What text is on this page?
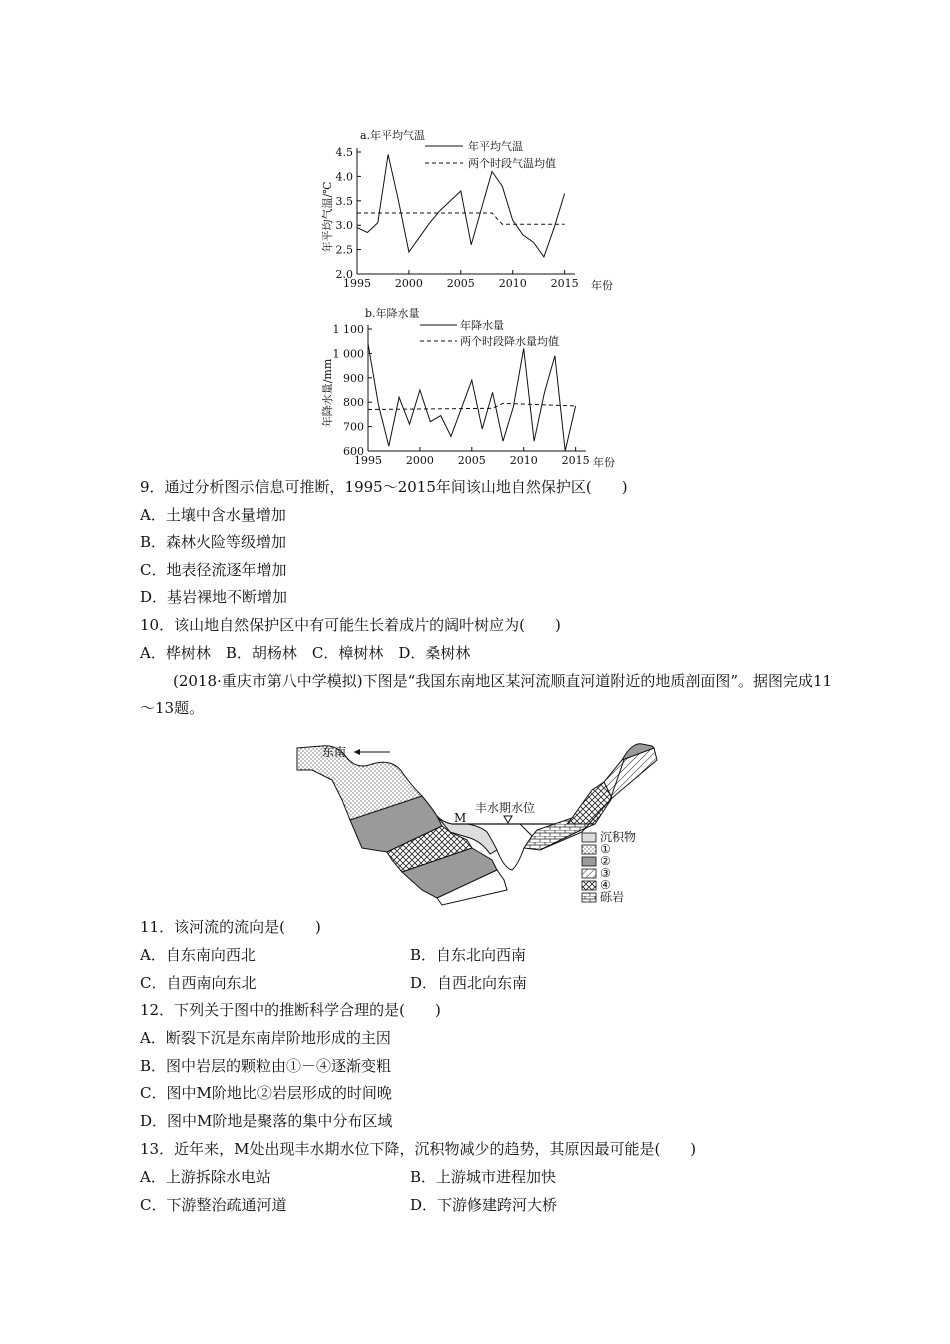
a.年平均气温
年平均气温/℃
年份
年平均气温
两个时段气温均值
2.0
2.5
3.0
3.5
4.0
4.5
1995 2000 2005 2010 2015
b.年降水量
年降水量/mm
年份
年降水量
两个时段降水量均值
600
700
800
900
1 000
1 100
1995 2000 2005 2010 2015
9．通过分析图示信息可推断，1995～2015年间该山地自然保护区(　　)
A．土壤中含水量增加
B．森林火险等级增加
C．地表径流逐年增加
D．基岩裸地不断增加
10．该山地自然保护区中有可能生长着成片的阔叶树应为(　　)
A．桦树林　B．胡杨林　C．樟树林　D．桑树林
(2018·重庆市第八中学模拟)下图是“我国东南地区某河流顺直河道附近的地质剖面图”。据图完成11～13题。
东南
M
丰水期水位
沉积物
①
②
③
④
砾岩
11．该河流的流向是(　　)
A．自东南向西北	B．自东北向西南
C．自西南向东北	D．自西北向东南
12．下列关于图中的推断科学合理的是(　　)
A．断裂下沉是东南岸阶地形成的主因
B．图中岩层的颗粒由①－④逐渐变粗
C．图中M阶地比②岩层形成的时间晚
D．图中M阶地是聚落的集中分布区域
13．近年来，M处出现丰水期水位下降，沉积物减少的趋势，其原因最可能是(　　)
A．上游拆除水电站	B．上游城市进程加快
C．下游整治疏通河道	D．下游修建跨河大桥
